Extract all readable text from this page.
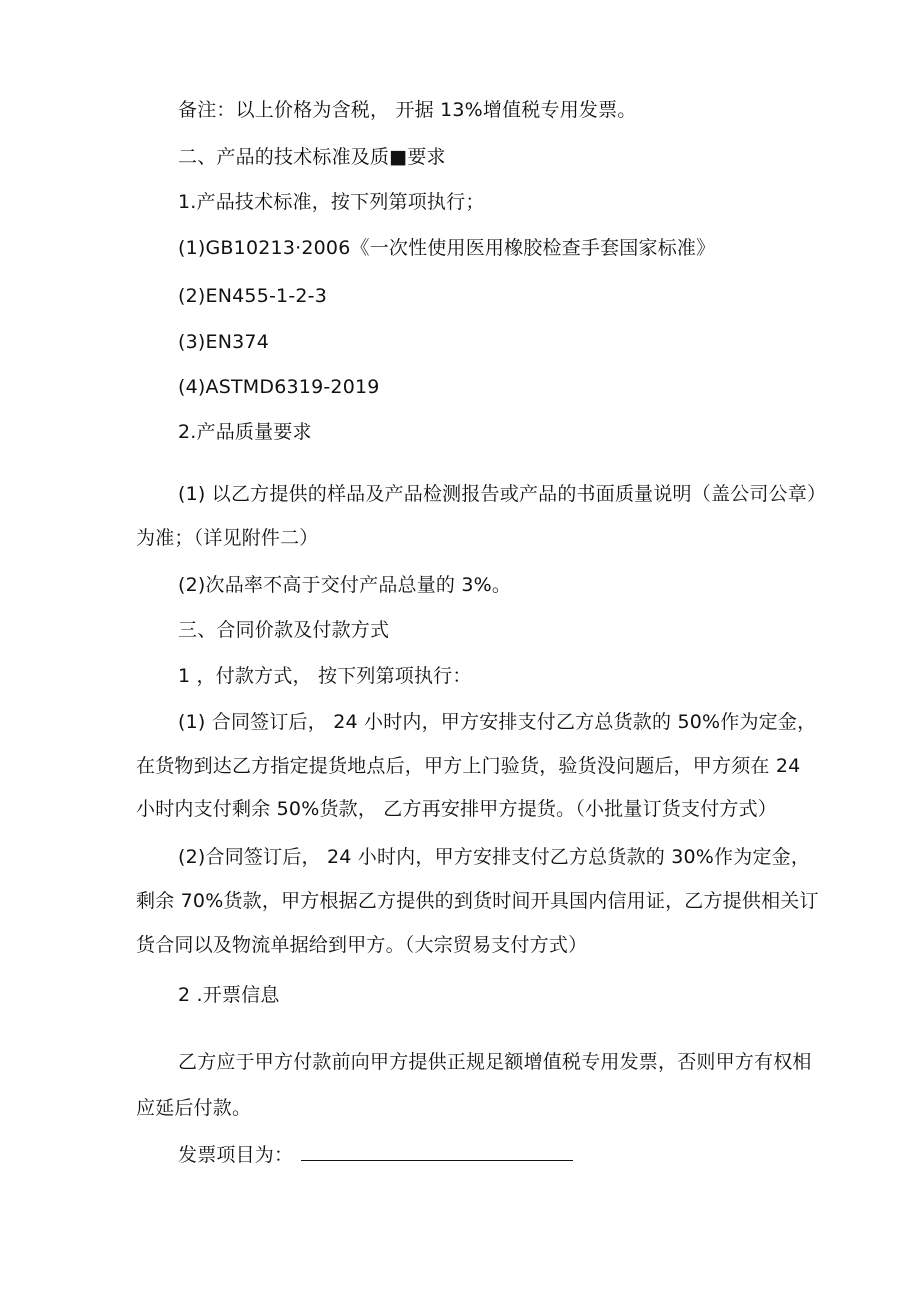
备注：以上价格为含税， 开据 13%增值税专用发票。
二、产品的技术标准及质■要求
1.产品技术标准，按下列第项执行；
(1)GB10213·2006《一次性使用医用橡胶检查手套国家标准》
(2)EN455-1-2-3
(3)EN374
(4)ASTMD6319-2019
2.产品质量要求
(1) 以乙方提供的样品及产品检测报告或产品的书面质量说明（盖公司公章）
为准；（详见附件二）
(2)次品率不高于交付产品总量的 3%。
三、合同价款及付款方式
1 ，付款方式， 按下列第项执行：
(1) 合同签订后， 24 小时内，甲方安排支付乙方总货款的 50%作为定金，
在货物到达乙方指定提货地点后，甲方上门验货，验货没问题后，甲方须在 24
小时内支付剩余 50%货款， 乙方再安排甲方提货。（小批量订货支付方式）
(2)合同签订后， 24 小时内，甲方安排支付乙方总货款的 30%作为定金，
剩余 70%货款，甲方根据乙方提供的到货时间开具国内信用证，乙方提供相关订
货合同以及物流单据给到甲方。（大宗贸易支付方式）
2 .开票信息
乙方应于甲方付款前向甲方提供正规足额增值税专用发票，否则甲方有权相
应延后付款。
发票项目为：
